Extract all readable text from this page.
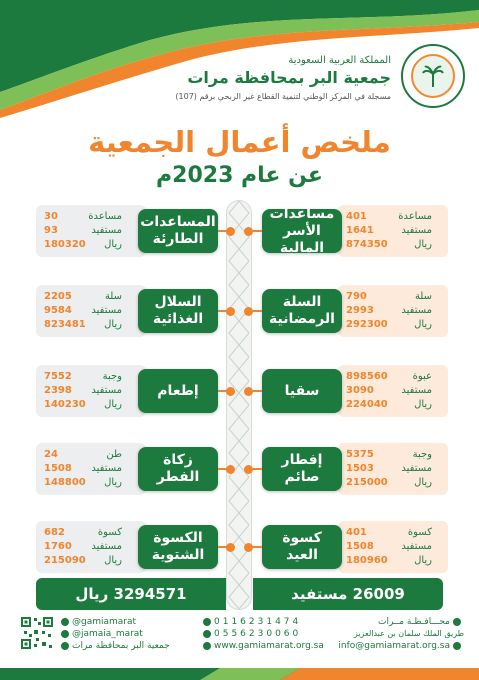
المملكة العربية السعودية
جمعية البر بمحافظة مرات
مسجلة في المركز الوطني لتنمية القطاع غير الربحي برقم (107)
ملخص أعمال الجمعية
عن عام 2023م
401	مساعدة
1641	مستفيد
874350	ريال
مساعدات
الأسر المالية
790	سلة
2993	مستفيد
292300	ريال
السلة
الرمضانية
898560 عبوة
3090	مستفيد
224040	ريال
سقيا
5375	وجبة
1503	مستفيد
215000	ريال
إفطار
صائم
401	كسوة
1508	مستفيد
180960	ريال
كسوة
العيد
30	مساعدة
93	مستفيد
180320 ريال
المساعدات
الطارئة
2205	سلة
9584 مستفيد
823481 ريال
السلال
الغذائية
7552	وجبة
2398 مستفيد
140230 ريال
إطعام
24	طن
1508 مستفيد
148800 ريال
زكاة
الفطر
682	كسوة
1760 مستفيد
215090 ريال
الكسوة
الشتوية
3294571 ريال	26009 مستفيد
@gamiamarat
@jamaia_marat
جمعية البر بمحافظة مرات
0116231474
0556230060
www.gamiamarat.org.sa
محـــافـظـة مــرات
طريق الملك سلمان بن عبدالعزيز
info@gamiamarat.org.sa
